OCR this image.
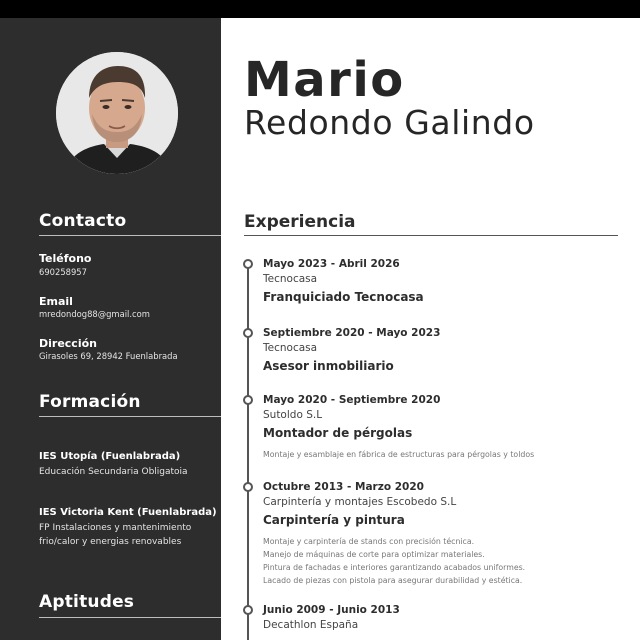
Contacto
Teléfono
690258957
Email
mredondog88@gmail.com
Dirección
Girasoles 69, 28942 Fuenlabrada
Formación
IES Utopía (Fuenlabrada)
Educación Secundaria Obligatoia
IES Victoria Kent (Fuenlabrada)
FP Instalaciones y mantenimiento frio/calor y energias renovables
Aptitudes
Mario
Redondo Galindo
Experiencia
Mayo 2023 - Abril 2026
Tecnocasa
Franquiciado Tecnocasa
Septiembre 2020 - Mayo 2023
Tecnocasa
Asesor inmobiliario
Mayo 2020 - Septiembre 2020
Sutoldo S.L
Montador de pérgolas
Montaje y esamblaje en fábrica de estructuras para pérgolas y toldos
Octubre 2013 - Marzo 2020
Carpintería y montajes Escobedo S.L
Carpintería y pintura
Montaje y carpintería de stands con precisión técnica.
Manejo de máquinas de corte para optimizar materiales.
Pintura de fachadas e interiores garantizando acabados uniformes.
Lacado de piezas con pistola para asegurar durabilidad y estética.
Junio 2009 - Junio 2013
Decathlon España
